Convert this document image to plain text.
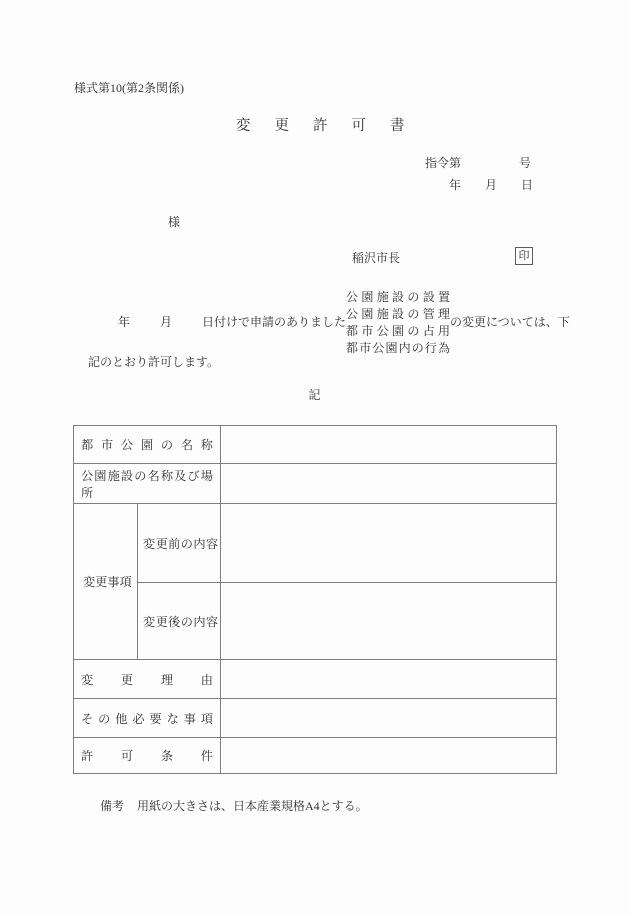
様式第10(第2条関係)
変更許可書
指令第	号
年 月 日
様
稲沢市長	印
年	月	日付けで申請のありました
公園施設の設置
公園施設の管理
都市公園の占用
都市公園内の行為
の変更については、下
記のとおり許可します。
記
都市公園の名称		
公園施設の名称及び場所		
変更事項	変更前の内容	
	変更後の内容	
変更理由		
その他必要な事項		
許可条件		

備考 用紙の大きさは、日本産業規格A4とする。
